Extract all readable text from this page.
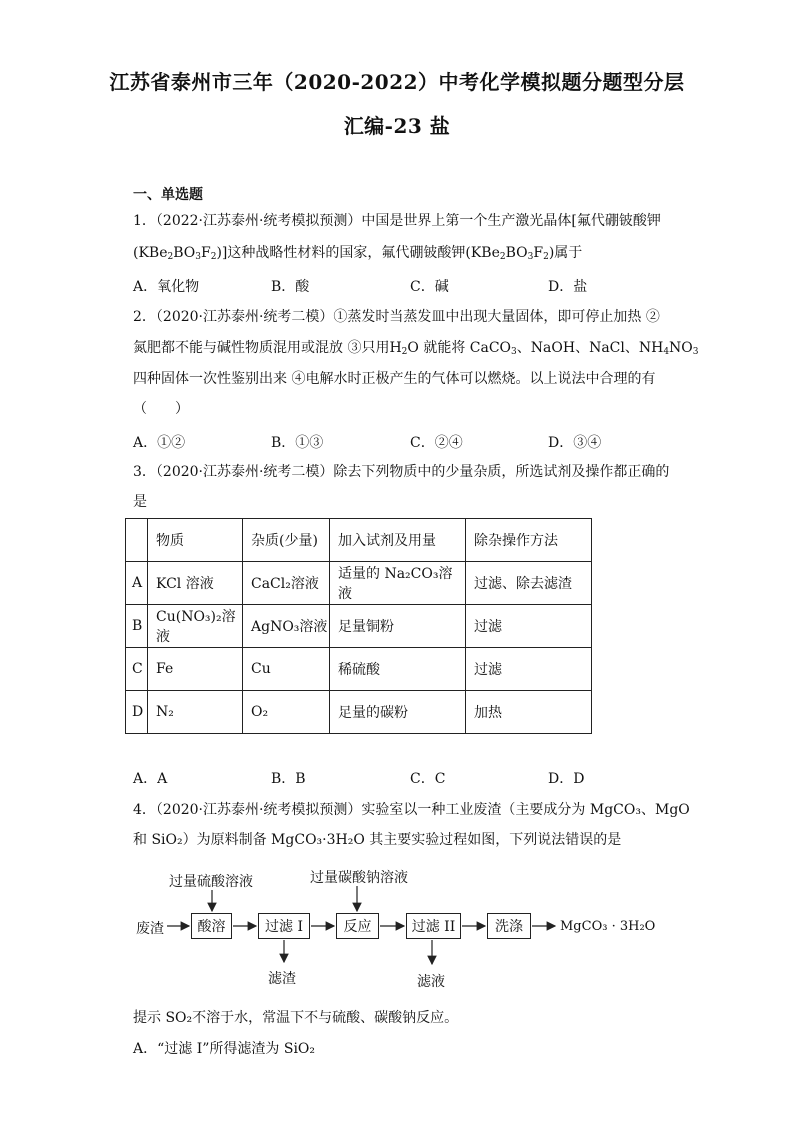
江苏省泰州市三年（2020-2022）中考化学模拟题分题型分层
汇编-23 盐
一、单选题
1．（2022·江苏泰州·统考模拟预测）中国是世界上第一个生产激光晶体[氟代硼铍酸钾
$(KBe_2BO_3F_2)$]这种战略性材料的国家，氟代硼铍酸钾$(KBe_2BO_3F_2)$属于
A．氧化物	B．酸	C．碱	D．盐
2．（2020·江苏泰州·统考二模）①蒸发时当蒸发皿中出现大量固体，即可停止加热 ②
氮肥都不能与碱性物质混用或混放 ③只用$H_2O$ 就能将 CaCO$_3$、NaOH、NaCl、$NH_4NO_3$
四种固体一次性鉴别出来 ④电解水时正极产生的气体可以燃烧。以上说法中合理的有
（　　）
A．①②	B．①③	C．②④	D．③④
3．（2020·江苏泰州·统考二模）除去下列物质中的少量杂质，所选试剂及操作都正确的
是
	物质	杂质(少量)	加入试剂及用量	除杂操作方法
A	KCl 溶液	CaCl₂溶液	适量的 Na₂CO₃溶液	过滤、除去滤渣
B	Cu(NO₃)₂溶液	AgNO₃溶液	足量铜粉	过滤
C	Fe	Cu	稀硫酸	过滤
D	N₂	O₂	足量的碳粉	加热
A．A	B．B	C．C	D．D
4．（2020·江苏泰州·统考模拟预测）实验室以一种工业废渣（主要成分为 MgCO₃、MgO
和 SiO₂）为原料制备 MgCO₃·3H₂O 其主要实验过程如图，下列说法错误的是
过量硫酸溶液	过量碳酸钠溶液
废渣	酸溶	过滤 I	反应	过滤 II	洗涤	MgCO₃ · 3H₂O
滤渣	滤液
提示 SO₂不溶于水，常温下不与硫酸、碳酸钠反应。
A．“过滤 I”所得滤渣为 SiO₂
